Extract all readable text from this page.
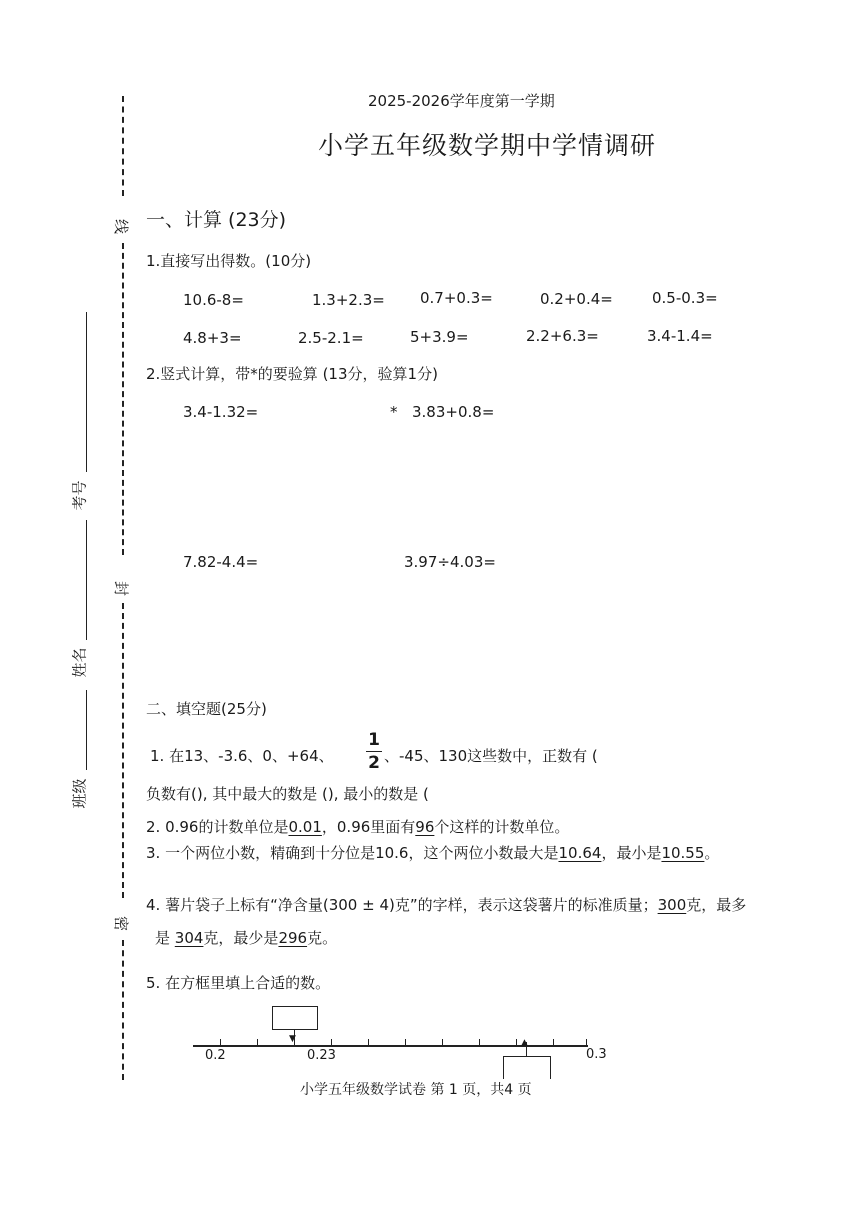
线
封
密
考号
姓名
班级
2025-2026学年度第一学期
小学五年级数学期中学情调研
一、计算 (23分)
1.直接写出得数。(10分)
10.6-8=	1.3+2.3= 0.7+0.3=	0.2+0.4=	0.5-0.3=
4.8+3=	2.5-2.1=	5+3.9=	2.2+6.3=	3.4-1.4=
2.竖式计算，带*的要验算 (13分，验算1分)
3.4-1.32=	* 3.83+0.8=
7.82-4.4=	3.97÷4.03=
二、填空题(25分)
1. 在13、-3.6、0、+64、
1
2 、-45、130这些数中，正数有 (
负数有(), 其中最大的数是 (), 最小的数是 (
2. 0.96的计数单位是0.01，0.96里面有96个这样的计数单位。
3. 一个两位小数，精确到十分位是10.6，这个两位小数最大是10.64，最小是10.55。
4. 薯片袋子上标有“净含量(300 ± 4)克”的字样，表示这袋薯片的标准质量；300克，最多
是 304克，最少是296克。
5. 在方框里填上合适的数。
▼
0.2	0.23	0.3
▲
小学五年级数学试卷 第 1 页，共4 页
